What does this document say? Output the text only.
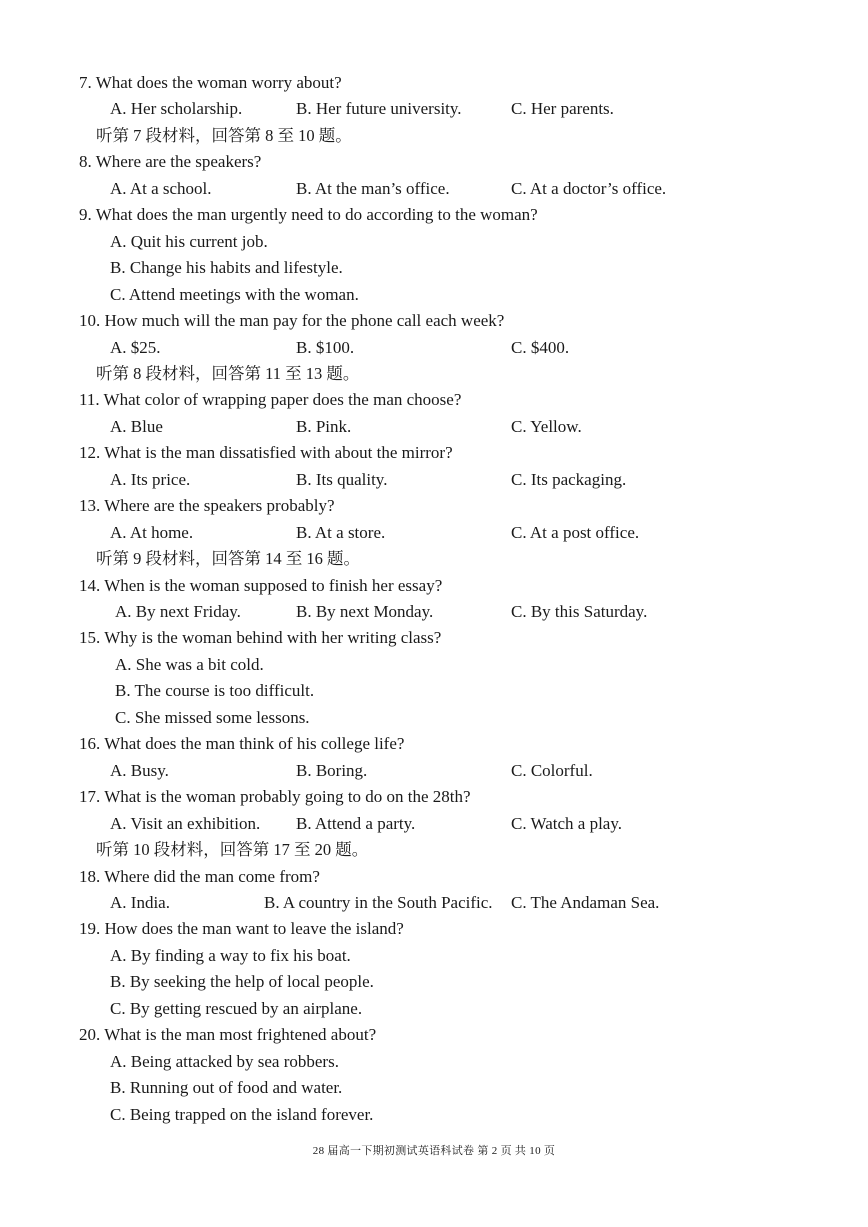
7. What does the woman worry about?
A. Her scholarship.	B. Her future university.	C. Her parents.
听第 7 段材料，回答第 8 至 10 题。
8. Where are the speakers?
A. At a school.	B. At the man’s office.	C. At a doctor’s office.
9. What does the man urgently need to do according to the woman?
A. Quit his current job.
B. Change his habits and lifestyle.
C. Attend meetings with the woman.
10. How much will the man pay for the phone call each week?
A. $25.	B. $100.	C. $400.
听第 8 段材料，回答第 11 至 13 题。
11. What color of wrapping paper does the man choose?
A. Blue	B. Pink.	C. Yellow.
12. What is the man dissatisfied with about the mirror?
A. Its price.	B. Its quality.	C. Its packaging.
13. Where are the speakers probably?
A. At home.	B. At a store.	C. At a post office.
听第 9 段材料，回答第 14 至 16 题。
14. When is the woman supposed to finish her essay?
A. By next Friday.	B. By next Monday.	C. By this Saturday.
15. Why is the woman behind with her writing class?
A. She was a bit cold.
B. The course is too difficult.
C. She missed some lessons.
16. What does the man think of his college life?
A. Busy.	B. Boring.	C. Colorful.
17. What is the woman probably going to do on the 28th?
A. Visit an exhibition. B. Attend a party.	C. Watch a play.
听第 10 段材料，回答第 17 至 20 题。
18. Where did the man come from?
A. India.	B. A country in the South Pacific. C. The Andaman Sea.
19. How does the man want to leave the island?
A. By finding a way to fix his boat.
B. By seeking the help of local people.
C. By getting rescued by an airplane.
20. What is the man most frightened about?
A. Being attacked by sea robbers.
B. Running out of food and water.
C. Being trapped on the island forever.
28 届高一下期初测试英语科试卷 第 2 页 共 10 页
